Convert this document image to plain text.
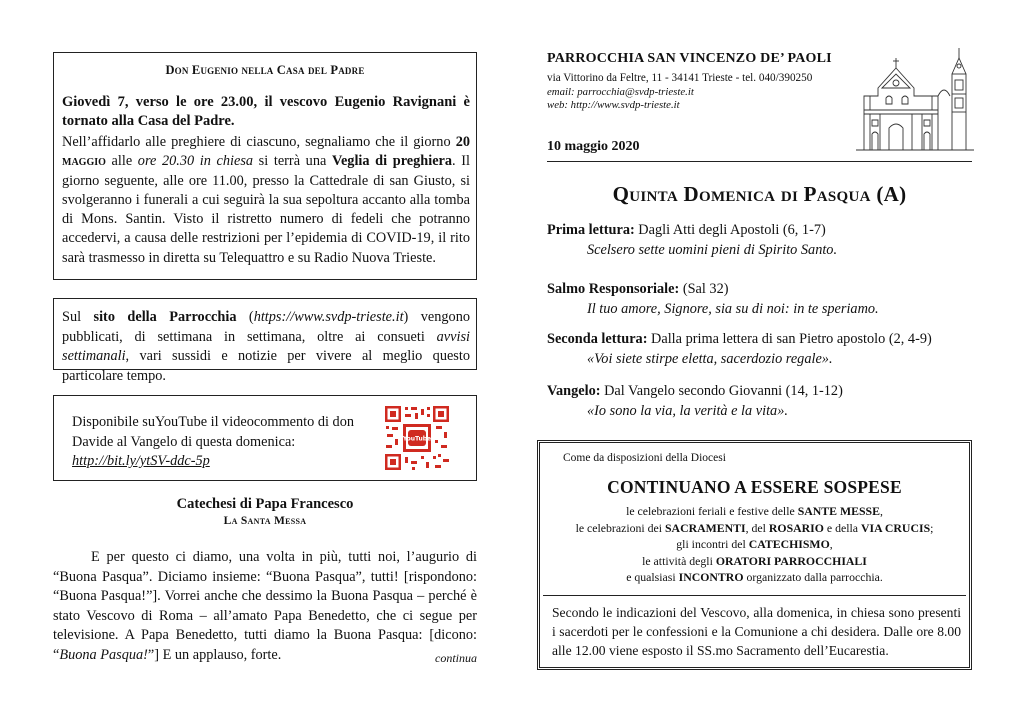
Don Eugenio nella Casa del Padre

Giovedì 7, verso le ore 23.00, il vescovo Eugenio Ravignani è tornato alla Casa del Padre.

Nell’affidarlo alle preghiere di ciascuno, segnaliamo che il giorno 20 maggio alle ore 20.30 in chiesa si terrà una Veglia di preghiera. Il giorno seguente, alle ore 11.00, presso la Cattedrale di san Giusto, si svolgeranno i funerali a cui seguirà la sua sepoltura accanto alla tomba di Mons. Santin. Visto il ristretto numero di fedeli che potranno accedervi, a causa delle restrizioni per l’epidemia di COVID-19, il rito sarà trasmesso in diretta su Telequattro e su Radio Nuova Trieste.

Sul sito della Parrocchia (https://www.svdp-trieste.it) vengono pubblicati, di settimana in settimana, oltre ai consueti avvisi settimanali, vari sussidi e notizie per vivere al meglio questo particolare tempo.

Disponibile suYouTube il videocommento di don Davide al Vangelo di questa domenica:
http://bit.ly/ytSV-ddc-5p

YouTube
Catechesi di Papa Francesco
La Santa Messa

E per questo ci diamo, una volta in più, tutti noi, l’augurio di “Buona Pasqua”. Diciamo insieme: “Buona Pasqua”, tutti! [rispondono: “Buona Pasqua!”]. Vorrei anche che dessimo la Buona Pasqua – perché è stato Vescovo di Roma – all’amato Papa Benedetto, che ci segue per televisione. A Papa Benedetto, tutti diamo la Buona Pasqua: [dicono: “Buona Pasqua!”] E un applauso, forte.	continua
PARROCCHIA SAN VINCENZO DE’ PAOLI
via Vittorino da Feltre, 11 - 34141 Trieste - tel. 040/390250
email: parrocchia@svdp-trieste.it
web: http://www.svdp-trieste.it
10 maggio 2020
Quinta Domenica di Pasqua (A)
Prima lettura: Dagli Atti degli Apostoli (6, 1-7)
Scelsero sette uomini pieni di Spirito Santo.
Salmo Responsoriale: (Sal 32)
Il tuo amore, Signore, sia su di noi: in te speriamo.
Seconda lettura: Dalla prima lettera di san Pietro apostolo (2, 4-9)
«Voi siete stirpe eletta, sacerdozio regale».
Vangelo: Dal Vangelo secondo Giovanni (14, 1-12)
«Io sono la via, la verità e la vita».
Come da disposizioni della Diocesi
CONTINUANO A ESSERE SOSPESE
le celebrazioni feriali e festive delle SANTE MESSE,
le celebrazioni dei SACRAMENTI, del ROSARIO e della VIA CRUCIS;
gli incontri del CATECHISMO,
le attività degli ORATORI PARROCCHIALI
e qualsiasi INCONTRO organizzato dalla parrocchia.

Secondo le indicazioni del Vescovo, alla domenica, in chiesa sono presenti i sacerdoti per le confessioni e la Comunione a chi desidera. Dalle ore 8.00 alle 12.00 viene esposto il SS.mo Sacramento dell’Eucarestia.
